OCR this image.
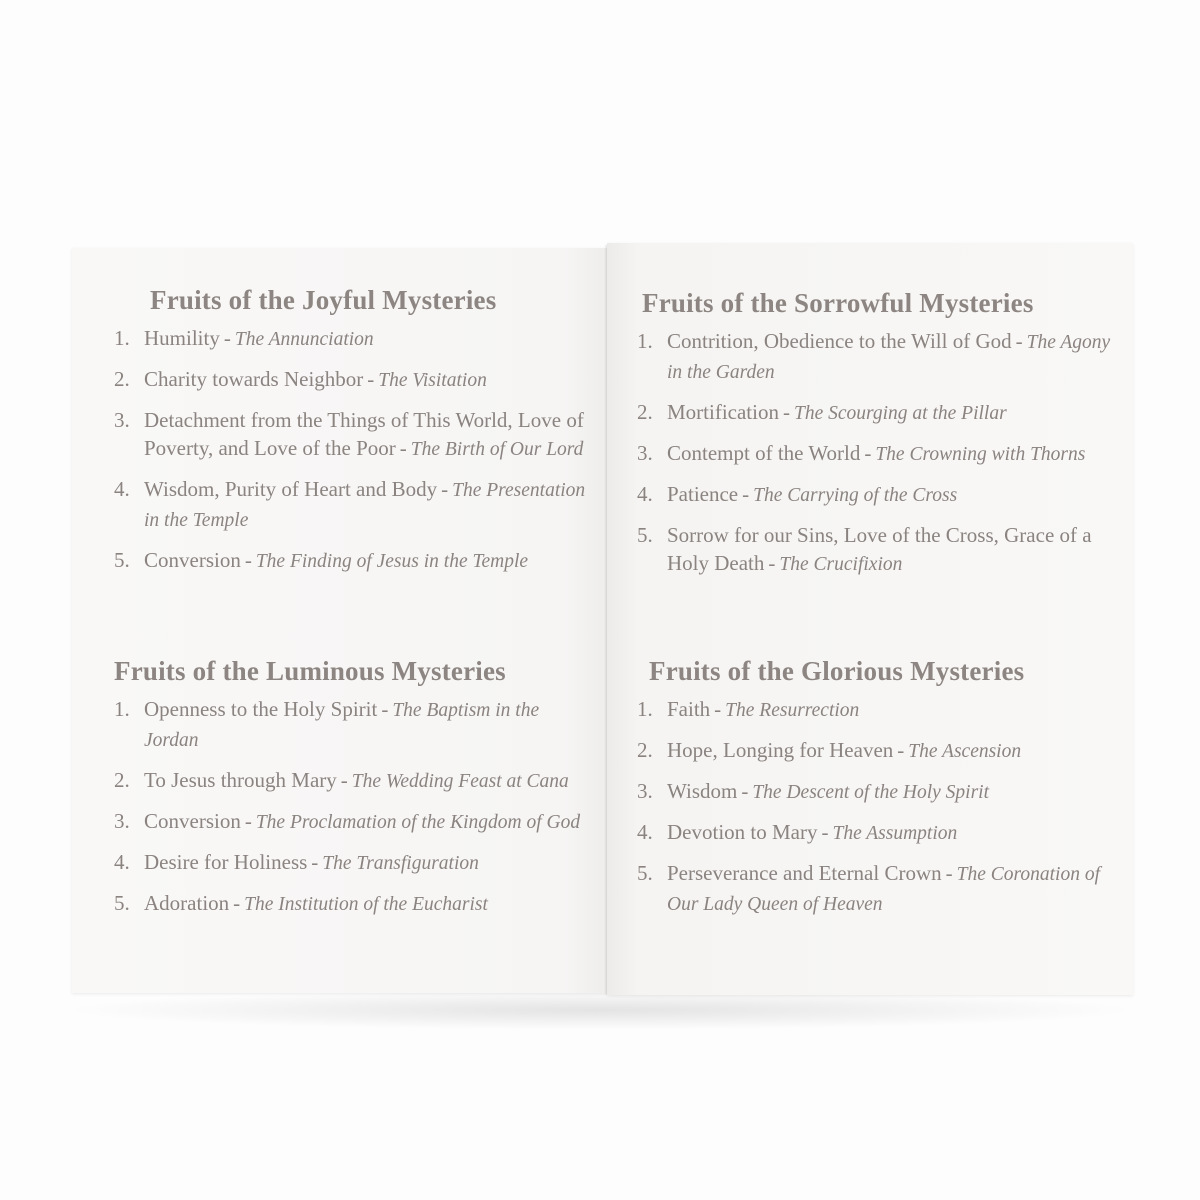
Fruits of the Joyful Mysteries
1. Humility - The Annunciation
2. Charity towards Neighbor - The Visitation
3. Detachment from the Things of This World, Love of Poverty, and Love of the Poor - The Birth of Our Lord
4. Wisdom, Purity of Heart and Body - The Presentation in the Temple
5. Conversion - The Finding of Jesus in the Temple
Fruits of the Luminous Mysteries
1. Openness to the Holy Spirit - The Baptism in the Jordan
2. To Jesus through Mary - The Wedding Feast at Cana
3. Conversion - The Proclamation of the Kingdom of God
4. Desire for Holiness - The Transfiguration
5. Adoration - The Institution of the Eucharist
Fruits of the Sorrowful Mysteries
1. Contrition, Obedience to the Will of God - The Agony in the Garden
2. Mortification - The Scourging at the Pillar
3. Contempt of the World - The Crowning with Thorns
4. Patience - The Carrying of the Cross
5. Sorrow for our Sins, Love of the Cross, Grace of a Holy Death - The Crucifixion
Fruits of the Glorious Mysteries
1. Faith - The Resurrection
2. Hope, Longing for Heaven - The Ascension
3. Wisdom - The Descent of the Holy Spirit
4. Devotion to Mary - The Assumption
5. Perseverance and Eternal Crown - The Coronation of Our Lady Queen of Heaven
